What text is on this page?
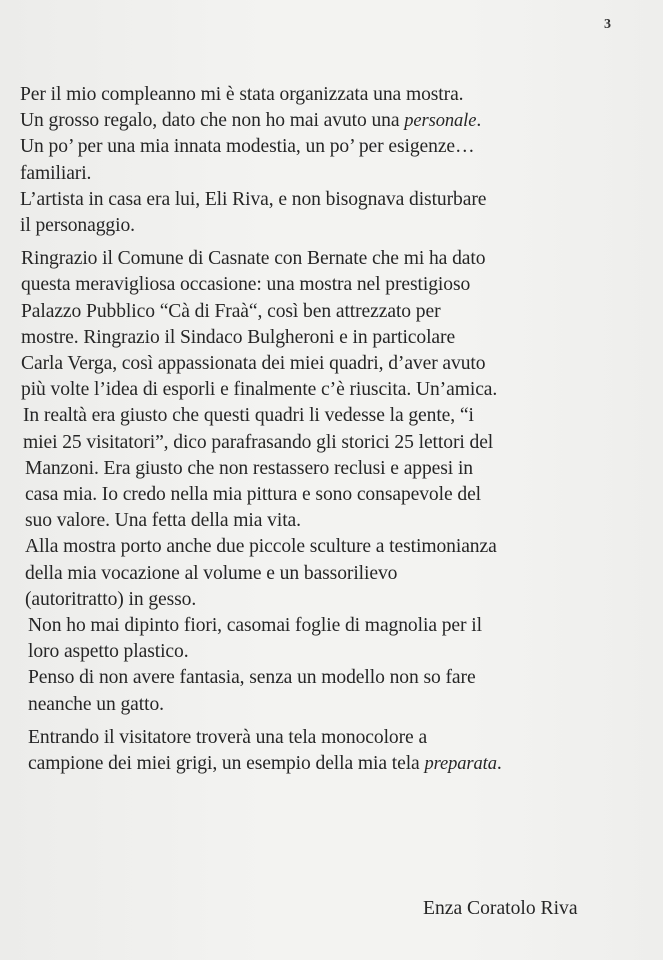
3

Per il mio compleanno mi è stata organizzata una mostra.
Un grosso regalo, dato che non ho mai avuto una personale.
Un po’ per una mia innata modestia, un po’ per esigenze…
familiari.
L’artista in casa era lui, Eli Riva, e non bisognava disturbare
il personaggio.

Ringrazio il Comune di Casnate con Bernate che mi ha dato
questa meravigliosa occasione: una mostra nel prestigioso
Palazzo Pubblico “Cà di Fraà“, così ben attrezzato per
mostre. Ringrazio il Sindaco Bulgheroni e in particolare
Carla Verga, così appassionata dei miei quadri, d’aver avuto
più volte l’idea di esporli e finalmente c’è riuscita. Un’amica.
In realtà era giusto che questi quadri li vedesse la gente, “i
miei 25 visitatori”, dico parafrasando gli storici 25 lettori del
Manzoni. Era giusto che non restassero reclusi e appesi in
casa mia. Io credo nella mia pittura e sono consapevole del
suo valore. Una fetta della mia vita.
Alla mostra porto anche due piccole sculture a testimonianza
della mia vocazione al volume e un bassorilievo
(autoritratto) in gesso.
Non ho mai dipinto fiori, casomai foglie di magnolia per il
loro aspetto plastico.
Penso di non avere fantasia, senza un modello non so fare
neanche un gatto.

Entrando il visitatore troverà una tela monocolore a
campione dei miei grigi, un esempio della mia tela preparata.

Enza Coratolo Riva
